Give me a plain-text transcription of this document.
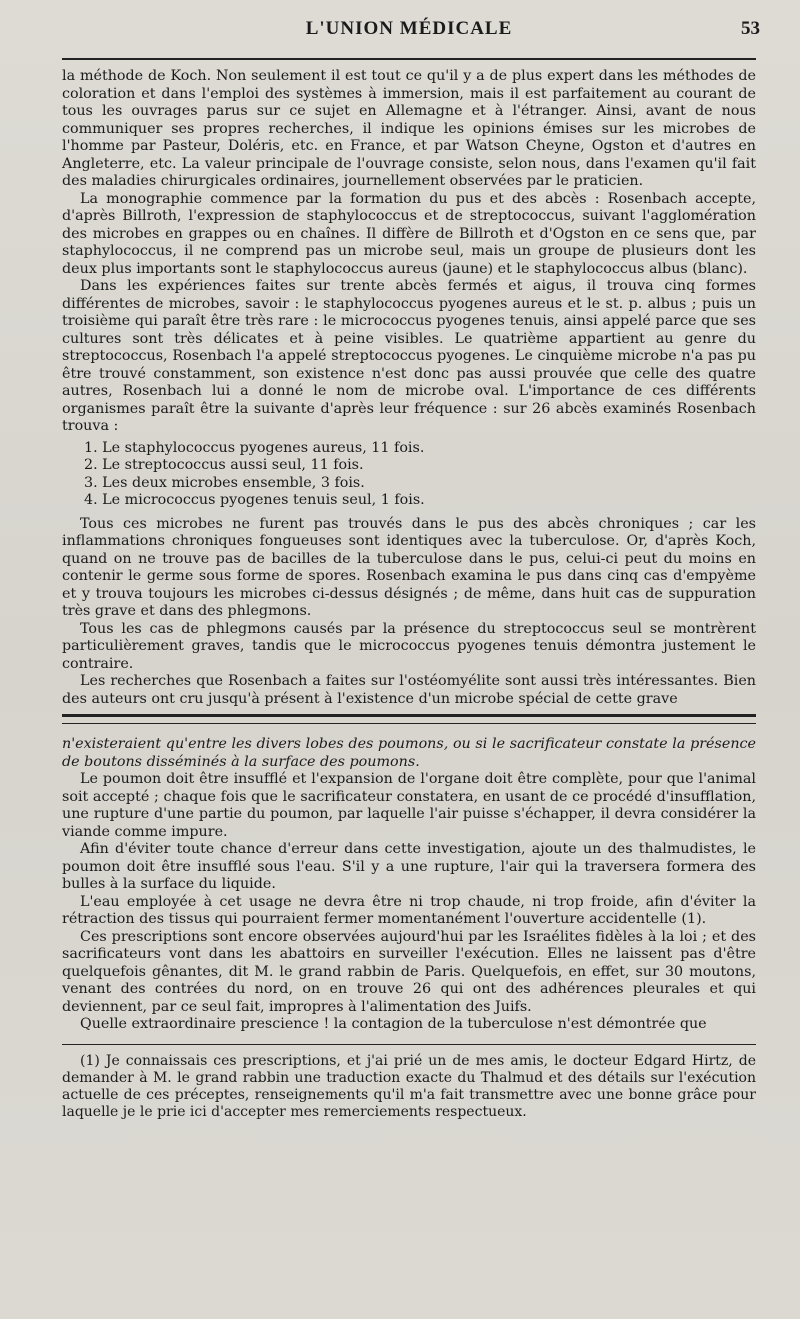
L'UNION MÉDICALE	53

la méthode de Koch. Non seulement il est tout ce qu'il y a de plus expert dans les méthodes de coloration et dans l'emploi des systèmes à immersion, mais il est parfaitement au courant de tous les ouvrages parus sur ce sujet en Allemagne et à l'étranger. Ainsi, avant de nous communiquer ses propres recherches, il indique les opinions émises sur les microbes de l'homme par Pasteur, Doléris, etc. en France, et par Watson Cheyne, Ogston et d'autres en Angleterre, etc. La valeur principale de l'ouvrage consiste, selon nous, dans l'examen qu'il fait des maladies chirurgicales ordinaires, journellement observées par le praticien.

La monographie commence par la formation du pus et des abcès : Rosenbach accepte, d'après Billroth, l'expression de staphylococcus et de streptococcus, suivant l'agglomération des microbes en grappes ou en chaînes. Il diffère de Billroth et d'Ogston en ce sens que, par staphylococcus, il ne comprend pas un microbe seul, mais un groupe de plusieurs dont les deux plus importants sont le staphylococcus aureus (jaune) et le staphylococcus albus (blanc).

Dans les expériences faites sur trente abcès fermés et aigus, il trouva cinq formes différentes de microbes, savoir : le staphylococcus pyogenes aureus et le st. p. albus ; puis un troisième qui paraît être très rare : le micrococcus pyogenes tenuis, ainsi appelé parce que ses cultures sont très délicates et à peine visibles. Le quatrième appartient au genre du streptococcus, Rosenbach l'a appelé streptococcus pyogenes. Le cinquième microbe n'a pas pu être trouvé constamment, son existence n'est donc pas aussi prouvée que celle des quatre autres, Rosenbach lui a donné le nom de microbe oval. L'importance de ces différents organismes paraît être la suivante d'après leur fréquence : sur 26 abcès examinés Rosenbach trouva :

1. Le staphylococcus pyogenes aureus, 11 fois.
2. Le streptococcus aussi seul, 11 fois.
3. Les deux microbes ensemble, 3 fois.
4. Le micrococcus pyogenes tenuis seul, 1 fois.

Tous ces microbes ne furent pas trouvés dans le pus des abcès chroniques ; car les inflammations chroniques fongueuses sont identiques avec la tuberculose. Or, d'après Koch, quand on ne trouve pas de bacilles de la tuberculose dans le pus, celui-ci peut du moins en contenir le germe sous forme de spores. Rosenbach examina le pus dans cinq cas d'empyème et y trouva toujours les microbes ci-dessus désignés ; de même, dans huit cas de suppuration très grave et dans des phlegmons.

Tous les cas de phlegmons causés par la présence du streptococcus seul se montrèrent particulièrement graves, tandis que le micrococcus pyogenes tenuis démontra justement le contraire.

Les recherches que Rosenbach a faites sur l'ostéomyélite sont aussi très intéressantes. Bien des auteurs ont cru jusqu'à présent à l'existence d'un microbe spécial de cette grave

n'existeraient qu'entre les divers lobes des poumons, ou si le sacrificateur constate la présence de boutons disséminés à la surface des poumons.

Le poumon doit être insufflé et l'expansion de l'organe doit être complète, pour que l'animal soit accepté ; chaque fois que le sacrificateur constatera, en usant de ce procédé d'insufflation, une rupture d'une partie du poumon, par laquelle l'air puisse s'échapper, il devra considérer la viande comme impure.

Afin d'éviter toute chance d'erreur dans cette investigation, ajoute un des thalmudistes, le poumon doit être insufflé sous l'eau. S'il y a une rupture, l'air qui la traversera formera des bulles à la surface du liquide.

L'eau employée à cet usage ne devra être ni trop chaude, ni trop froide, afin d'éviter la rétraction des tissus qui pourraient fermer momentanément l'ouverture accidentelle (1).

Ces prescriptions sont encore observées aujourd'hui par les Israélites fidèles à la loi ; et des sacrificateurs vont dans les abattoirs en surveiller l'exécution. Elles ne laissent pas d'être quelquefois gênantes, dit M. le grand rabbin de Paris. Quelquefois, en effet, sur 30 moutons, venant des contrées du nord, on en trouve 26 qui ont des adhérences pleurales et qui deviennent, par ce seul fait, impropres à l'alimentation des Juifs.

Quelle extraordinaire prescience ! la contagion de la tuberculose n'est démontrée que

(1) Je connaissais ces prescriptions, et j'ai prié un de mes amis, le docteur Edgard Hirtz, de demander à M. le grand rabbin une traduction exacte du Thalmud et des détails sur l'exécution actuelle de ces préceptes, renseignements qu'il m'a fait transmettre avec une bonne grâce pour laquelle je le prie ici d'accepter mes remerciements respectueux.
